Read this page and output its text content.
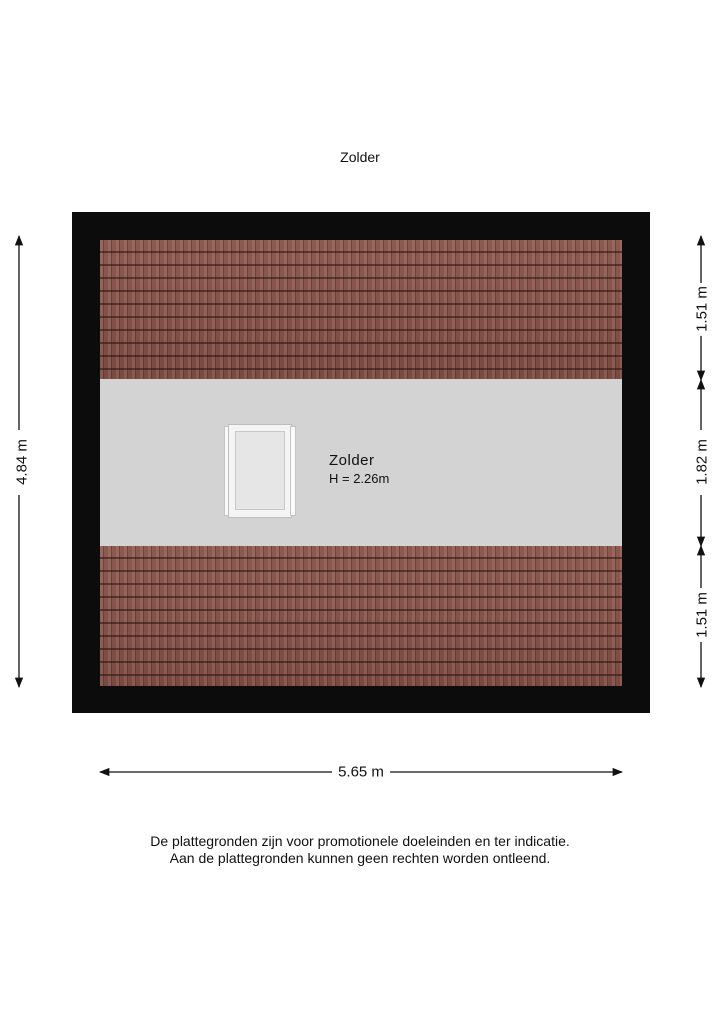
Zolder
Zolder
H = 2.26m
4.84 m
1.51 m
1.82 m
1.51 m
5.65 m
De plattegronden zijn voor promotionele doeleinden en ter indicatie.
Aan de plattegronden kunnen geen rechten worden ontleend.
